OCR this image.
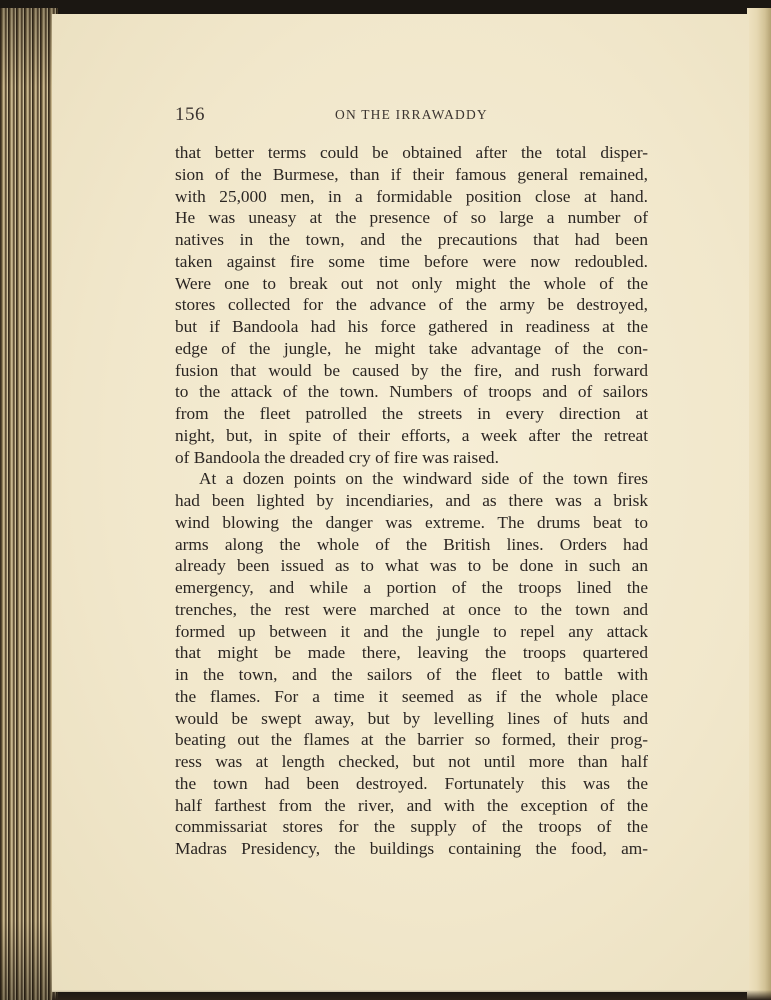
156	ON THE IRRAWADDY
that better terms could be obtained after the total disper-
sion of the Burmese, than if their famous general remained,
with 25,000 men, in a formidable position close at hand.
He was uneasy at the presence of so large a number of
natives in the town, and the precautions that had been
taken against fire some time before were now redoubled.
Were one to break out not only might the whole of the
stores collected for the advance of the army be destroyed,
but if Bandoola had his force gathered in readiness at the
edge of the jungle, he might take advantage of the con-
fusion that would be caused by the fire, and rush forward
to the attack of the town. Numbers of troops and of sailors
from the fleet patrolled the streets in every direction at
night, but, in spite of their efforts, a week after the retreat
of Bandoola the dreaded cry of fire was raised.
At a dozen points on the windward side of the town fires
had been lighted by incendiaries, and as there was a brisk
wind blowing the danger was extreme. The drums beat to
arms along the whole of the British lines. Orders had
already been issued as to what was to be done in such an
emergency, and while a portion of the troops lined the
trenches, the rest were marched at once to the town and
formed up between it and the jungle to repel any attack
that might be made there, leaving the troops quartered
in the town, and the sailors of the fleet to battle with
the flames. For a time it seemed as if the whole place
would be swept away, but by levelling lines of huts and
beating out the flames at the barrier so formed, their prog-
ress was at length checked, but not until more than half
the town had been destroyed. Fortunately this was the
half farthest from the river, and with the exception of the
commissariat stores for the supply of the troops of the
Madras Presidency, the buildings containing the food, am-
